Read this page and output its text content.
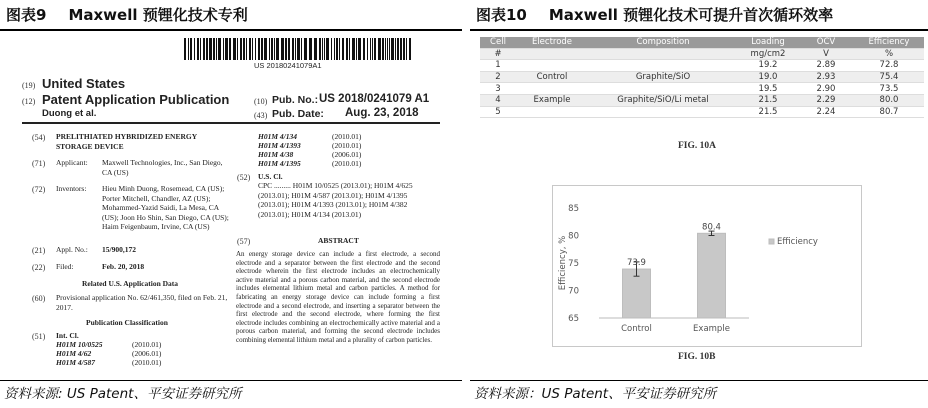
图表9 Maxwell 预锂化技术专利
US 20180241079A1
(19) United States
(12) Patent Application Publication
Duong et al.
(10) Pub. No.: US 2018/0241079 A1
(43) Pub. Date: Aug. 23, 2018
(54) PRELITHIATED HYBRIDIZED ENERGY STORAGE DEVICE
(71) Applicant: Maxwell Technologies, Inc., San Diego, CA (US)
(72) Inventors: Hieu Minh Duong, Rosemead, CA (US); Porter Mitchell, Chandler, AZ (US); Mohammed-Yazid Saidi, La Mesa, CA (US); Joon Ho Shin, San Diego, CA (US); Haim Feigenbaum, Irvine, CA (US)
(21) Appl. No.: 15/900,172
(22) Filed:	Feb. 20, 2018
Related U.S. Application Data
(60) Provisional application No. 62/461,350, filed on Feb. 21, 2017.
Publication Classification
(51) Int. Cl.
H01M 10/0525	(2010.01)
H01M 4/62	(2006.01)
H01M 4/587	(2010.01)
H01M 4/134	(2010.01)
H01M 4/1393	(2010.01)
H01M 4/38	(2006.01)
H01M 4/1395	(2010.01)
(52) U.S. Cl.
CPC ......... H01M 10/0525 (2013.01); H01M 4/625 (2013.01); H01M 4/587 (2013.01); H01M 4/1395 (2013.01); H01M 4/1393 (2013.01); H01M 4/382 (2013.01); H01M 4/134 (2013.01)
(57)	ABSTRACT
An energy storage device can include a first electrode, a second electrode and a separator between the first electrode and the second electrode wherein the first electrode includes an electrochemically active material and a porous carbon material, and the second electrode includes elemental lithium metal and carbon particles. A method for fabricating an energy storage device can include forming a first electrode and a second electrode, and inserting a separator between the first electrode and the second electrode, where forming the first electrode includes combining an electrochemically active material and a porous carbon material, and forming the second electrode includes combining elemental lithium metal and a plurality of carbon particles.
资料来源: US Patent、平安证券研究所
图表10 Maxwell 预锂化技术可提升首次循环效率
Cell	Electrode	Composition	Loading	OCV	Efficiency
#			mg/cm2	V	%
1			19.2	2.89	72.8
2	Control	Graphite/SiO	19.0	2.93	75.4
3			19.5	2.90	73.5
4	Example	Graphite/SiO/Li metal	21.5	2.29	80.0
5			21.5	2.24	80.7
FIG. 10A
65
70
75
80
85
Efficiency, %	73.9
Control
80.4
Example
Efficiency
FIG. 10B
资料来源：US Patent、平安证券研究所
